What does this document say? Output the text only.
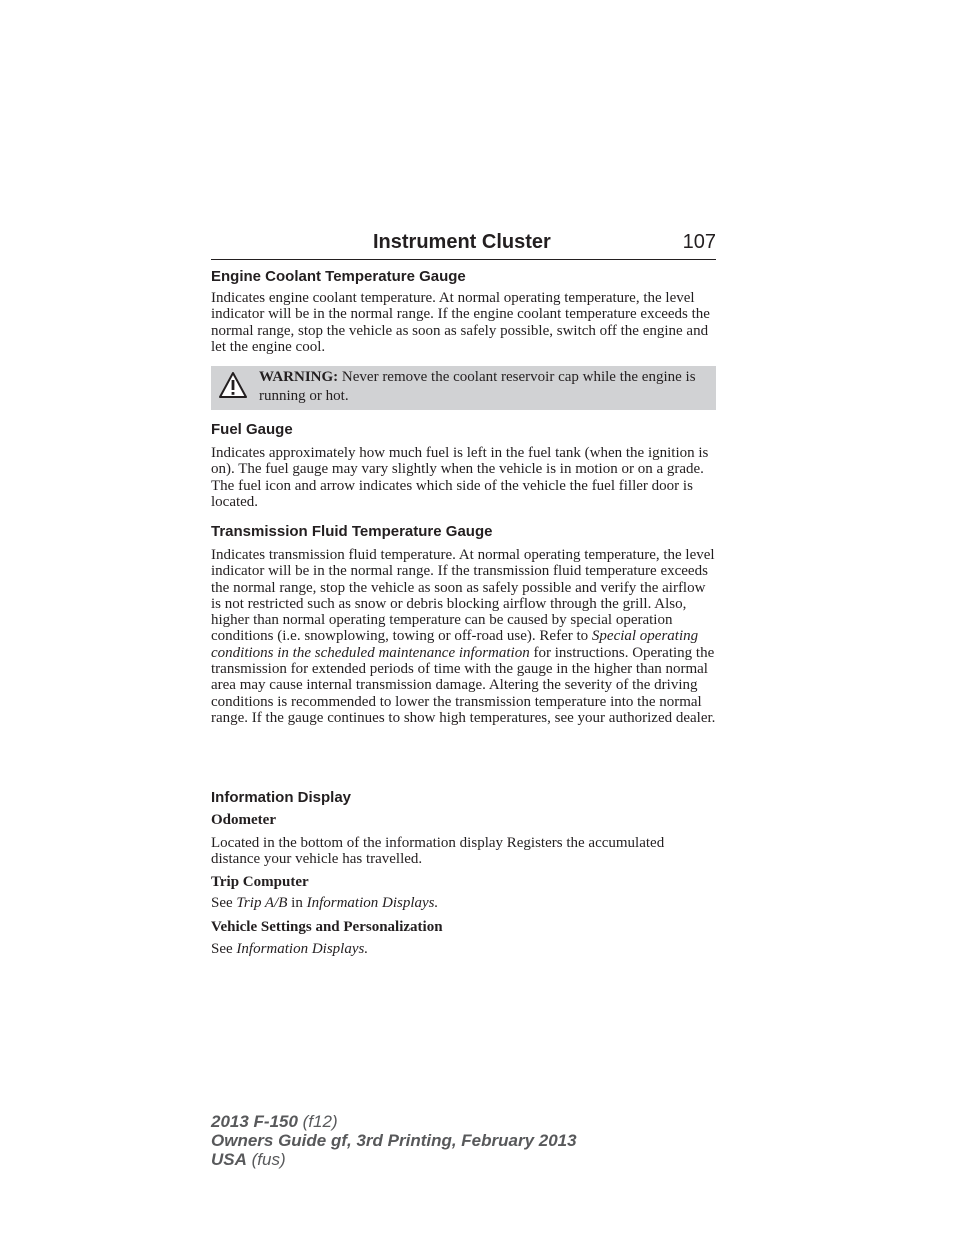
Instrument Cluster	107
Engine Coolant Temperature Gauge

Indicates engine coolant temperature. At normal operating temperature, the level indicator will be in the normal range. If the engine coolant temperature exceeds the normal range, stop the vehicle as soon as safely possible, switch off the engine and let the engine cool.

WARNING: Never remove the coolant reservoir cap while the engine is running or hot.
Fuel Gauge

Indicates approximately how much fuel is left in the fuel tank (when the ignition is on). The fuel gauge may vary slightly when the vehicle is in motion or on a grade. The fuel icon and arrow indicates which side of the vehicle the fuel filler door is located.

Transmission Fluid Temperature Gauge

Indicates transmission fluid temperature. At normal operating temperature, the level indicator will be in the normal range. If the transmission fluid temperature exceeds the normal range, stop the vehicle as soon as safely possible and verify the airflow is not restricted such as snow or debris blocking airflow through the grill. Also, higher than normal operating temperature can be caused by special operation conditions (i.e. snowplowing, towing or off-road use). Refer to Special operating conditions in the scheduled maintenance information for instructions. Operating the transmission for extended periods of time with the gauge in the higher than normal area may cause internal transmission damage. Altering the severity of the driving conditions is recommended to lower the transmission temperature into the normal range. If the gauge continues to show high temperatures, see your authorized dealer.

Information Display
Odometer

Located in the bottom of the information display Registers the accumulated distance your vehicle has travelled.

Trip Computer

See Trip A/B in Information Displays.

Vehicle Settings and Personalization

See Information Displays.

2013 F-150 (f12)
Owners Guide gf, 3rd Printing, February 2013
USA (fus)
